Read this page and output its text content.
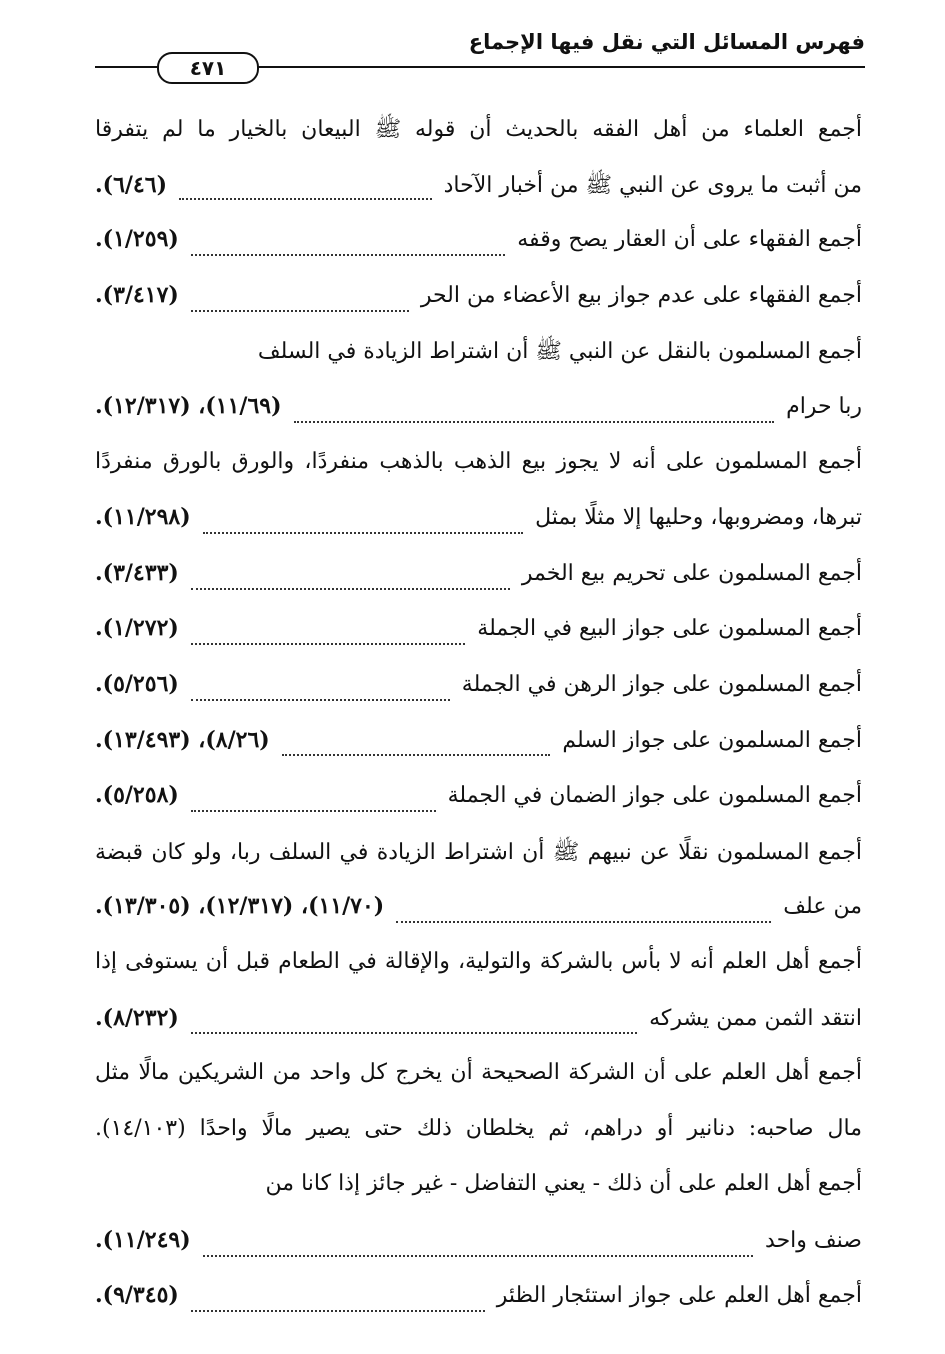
فهرس المسائل التي نقل فيها الإجماع
٤٧١
أجمع العلماء من أهل الفقه بالحديث أن قوله ﷺ البيعان بالخيار ما لم يتفرقا
من أثبت ما يروى عن النبي ﷺ من أخبار الآحاد
(٦/٤٦).
أجمع الفقهاء على أن العقار يصح وقفه
(١/٢٥٩).
أجمع الفقهاء على عدم جواز بيع الأعضاء من الحر
(٣/٤١٧).
أجمع المسلمون بالنقل عن النبي ﷺ أن اشتراط الزيادة في السلف
ربا حرام
(١١/٦٩)، (١٢/٣١٧).
أجمع المسلمون على أنه لا يجوز بيع الذهب بالذهب منفردًا، والورق بالورق منفردًا
تبرها، ومضروبها، وحليها إلا مثلًا بمثل
(١١/٢٩٨).
أجمع المسلمون على تحريم بيع الخمر
(٣/٤٣٣).
أجمع المسلمون على جواز البيع في الجملة
(١/٢٧٢).
أجمع المسلمون على جواز الرهن في الجملة
(٥/٢٥٦).
أجمع المسلمون على جواز السلم
(٨/٢٦)، (١٣/٤٩٣).
أجمع المسلمون على جواز الضمان في الجملة
(٥/٢٥٨).
أجمع المسلمون نقلًا عن نبيهم ﷺ أن اشتراط الزيادة في السلف ربا، ولو كان قبضة
من علف
(١١/٧٠)، (١٢/٣١٧)، (١٣/٣٠٥).
أجمع أهل العلم أنه لا بأس بالشركة والتولية، والإقالة في الطعام قبل أن يستوفى إذا
انتقد الثمن ممن يشركه
(٨/٢٣٢).
أجمع أهل العلم على أن الشركة الصحيحة أن يخرج كل واحد من الشريكين مالًا مثل
مال صاحبه: دنانير أو دراهم، ثم يخلطان ذلك حتى يصير مالًا واحدًا (١٤/١٠٣).
أجمع أهل العلم على أن ذلك - يعني التفاضل - غير جائز إذا كانا من
صنف واحد
(١١/٢٤٩).
أجمع أهل العلم على جواز استئجار الظئر
(٩/٣٤٥).
